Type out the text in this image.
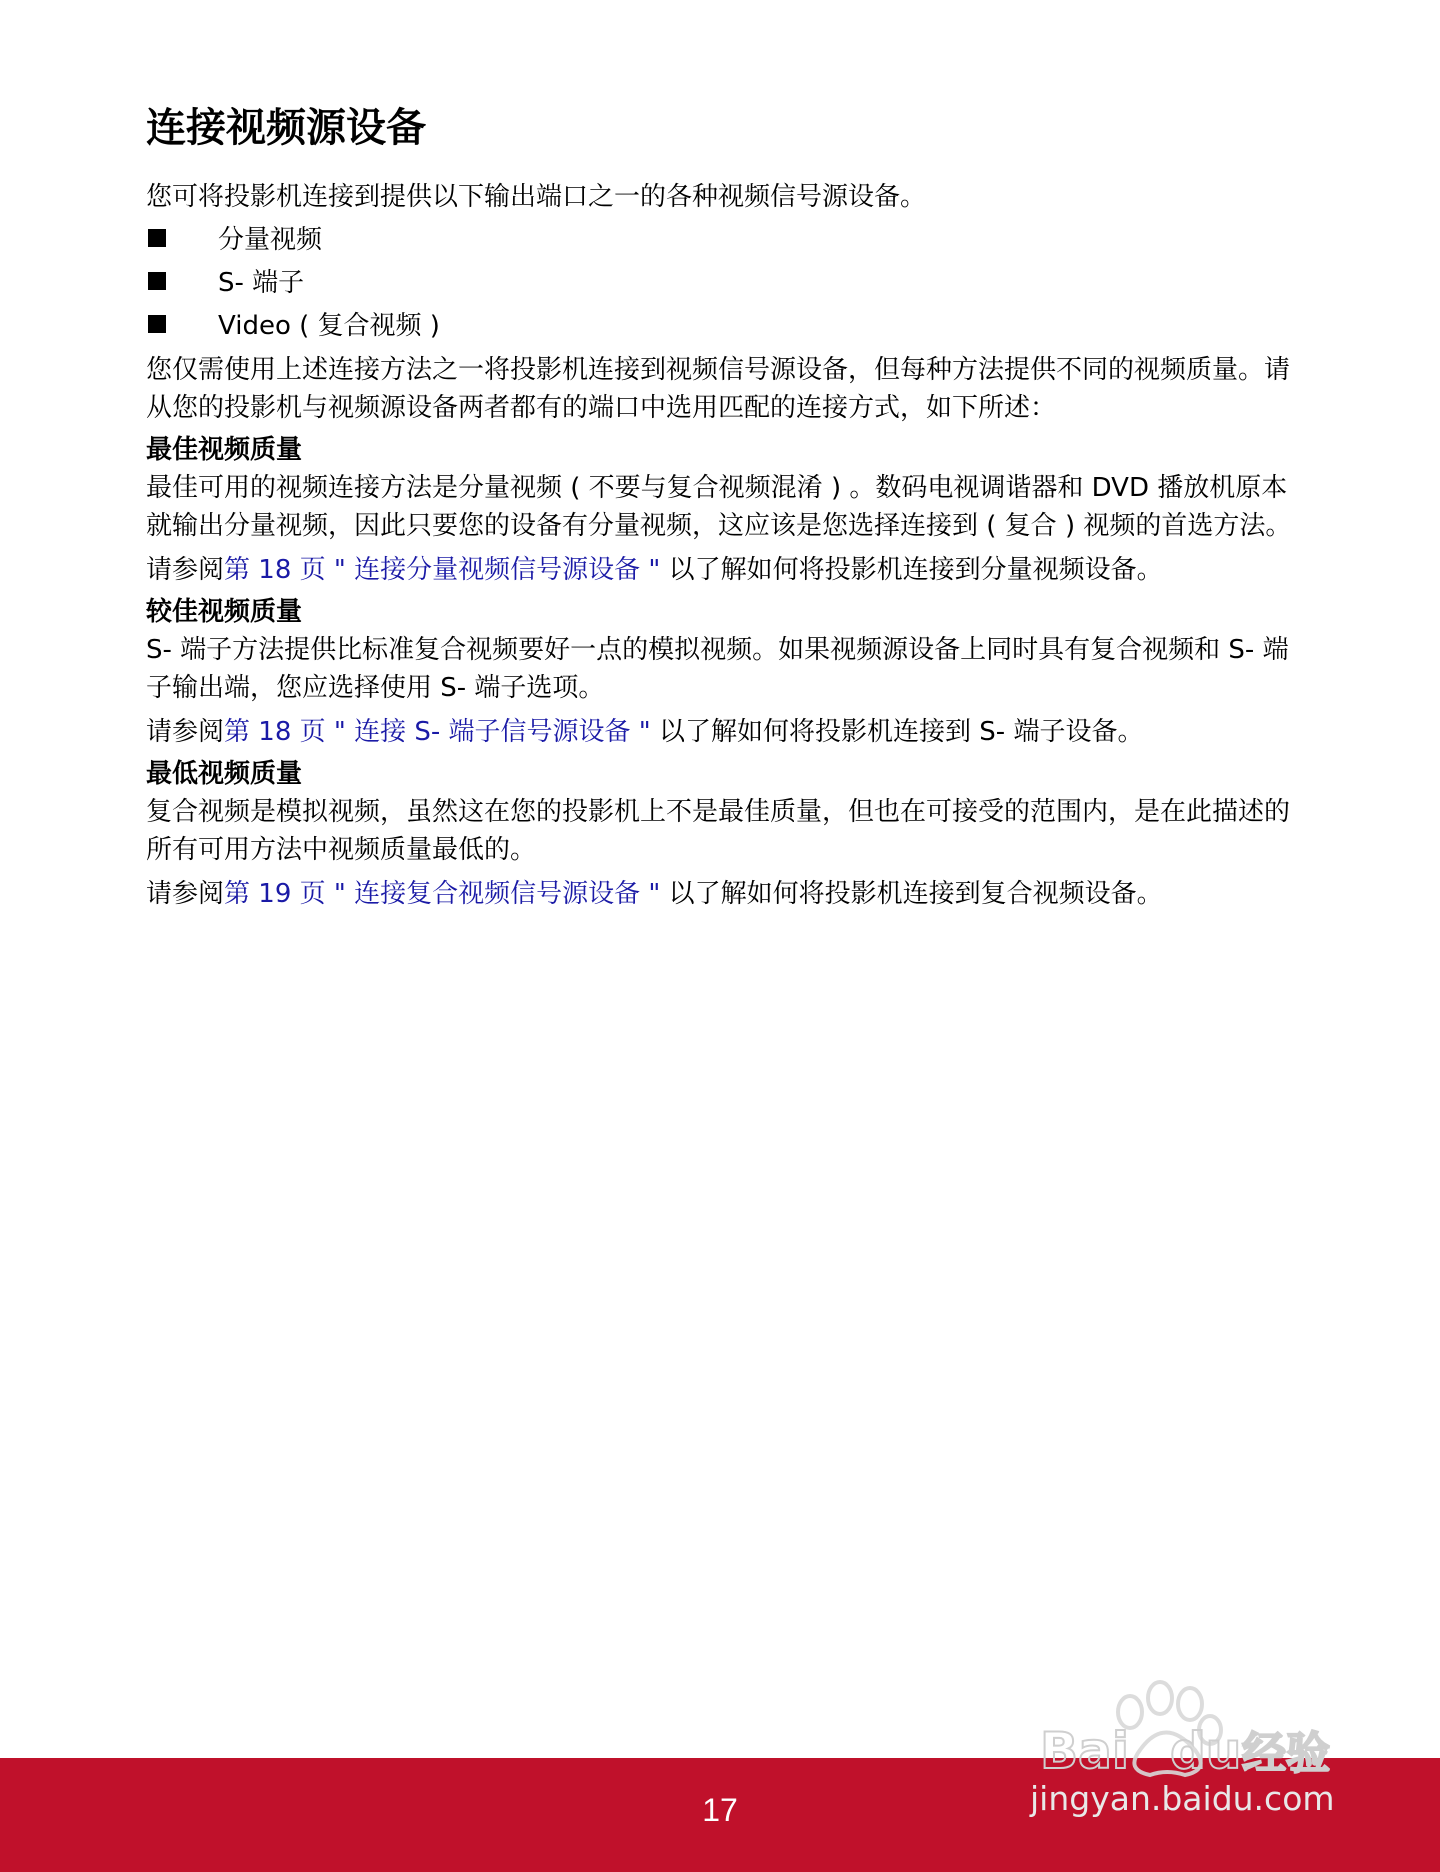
连接视频源设备

您可将投影机连接到提供以下输出端口之一的各种视频信号源设备。

分量视频
S- 端子
Video ( 复合视频 )

您仅需使用上述连接方法之一将投影机连接到视频信号源设备，但每种方法提供不同的视频质量。请从您的投影机与视频源设备两者都有的端口中选用匹配的连接方式，如下所述：

最佳视频质量

最佳可用的视频连接方法是分量视频 ( 不要与复合视频混淆 ) 。数码电视调谐器和 DVD 播放机原本就输出分量视频，因此只要您的设备有分量视频，这应该是您选择连接到 ( 复合 ) 视频的首选方法。

请参阅第 18 页 " 连接分量视频信号源设备 " 以了解如何将投影机连接到分量视频设备。

较佳视频质量

S- 端子方法提供比标准复合视频要好一点的模拟视频。如果视频源设备上同时具有复合视频和 S- 端子输出端，您应选择使用 S- 端子选项。

请参阅第 18 页 " 连接 S- 端子信号源设备 " 以了解如何将投影机连接到 S- 端子设备。

最低视频质量

复合视频是模拟视频，虽然这在您的投影机上不是最佳质量，但也在可接受的范围内，是在此描述的所有可用方法中视频质量最低的。

请参阅第 19 页 " 连接复合视频信号源设备 " 以了解如何将投影机连接到复合视频设备。

17
Bai du 经验
jingyan.baidu.com
